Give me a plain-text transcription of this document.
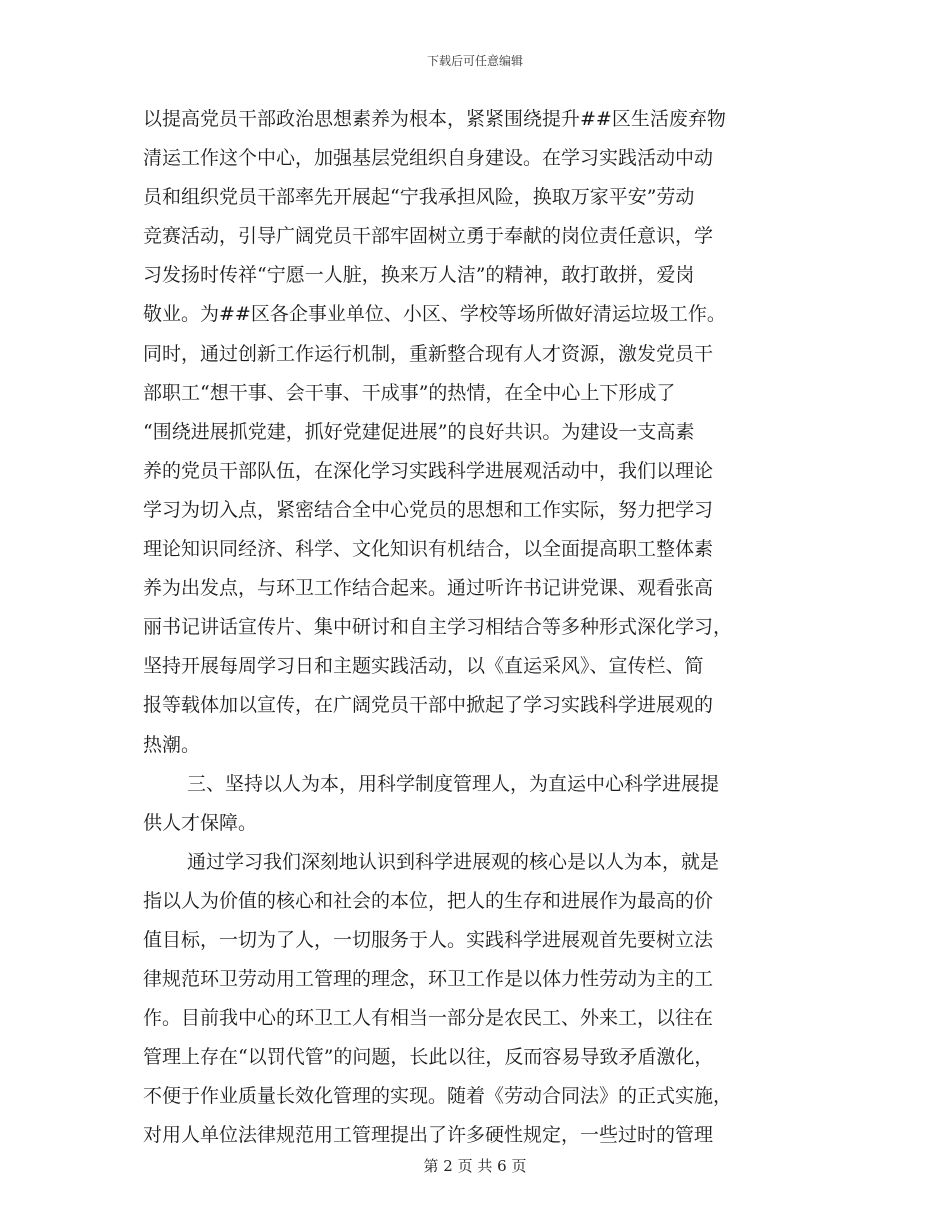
下载后可任意编辑
以提高党员干部政治思想素养为根本，紧紧围绕提升##区生活废弃物
清运工作这个中心，加强基层党组织自身建设。在学习实践活动中动
员和组织党员干部率先开展起“宁我承担风险，换取万家平安”劳动
竞赛活动，引导广阔党员干部牢固树立勇于奉献的岗位责任意识，学
习发扬时传祥“宁愿一人脏，换来万人洁”的精神，敢打敢拼，爱岗
敬业。为##区各企事业单位、小区、学校等场所做好清运垃圾工作。
同时，通过创新工作运行机制，重新整合现有人才资源，激发党员干
部职工“想干事、会干事、干成事”的热情，在全中心上下形成了
“围绕进展抓党建，抓好党建促进展”的良好共识。为建设一支高素
养的党员干部队伍，在深化学习实践科学进展观活动中，我们以理论
学习为切入点，紧密结合全中心党员的思想和工作实际，努力把学习
理论知识同经济、科学、文化知识有机结合，以全面提高职工整体素
养为出发点，与环卫工作结合起来。通过听许书记讲党课、观看张高
丽书记讲话宣传片、集中研讨和自主学习相结合等多种形式深化学习，
坚持开展每周学习日和主题实践活动，以《直运采风》、宣传栏、简
报等载体加以宣传，在广阔党员干部中掀起了学习实践科学进展观的
热潮。
三、坚持以人为本，用科学制度管理人，为直运中心科学进展提
供人才保障。
通过学习我们深刻地认识到科学进展观的核心是以人为本，就是
指以人为价值的核心和社会的本位，把人的生存和进展作为最高的价
值目标，一切为了人，一切服务于人。实践科学进展观首先要树立法
律规范环卫劳动用工管理的理念，环卫工作是以体力性劳动为主的工
作。目前我中心的环卫工人有相当一部分是农民工、外来工，以往在
管理上存在“以罚代管”的问题，长此以往，反而容易导致矛盾激化，
不便于作业质量长效化管理的实现。随着《劳动合同法》的正式实施，
对用人单位法律规范用工管理提出了许多硬性规定，一些过时的管理
第 2 页 共 6 页
